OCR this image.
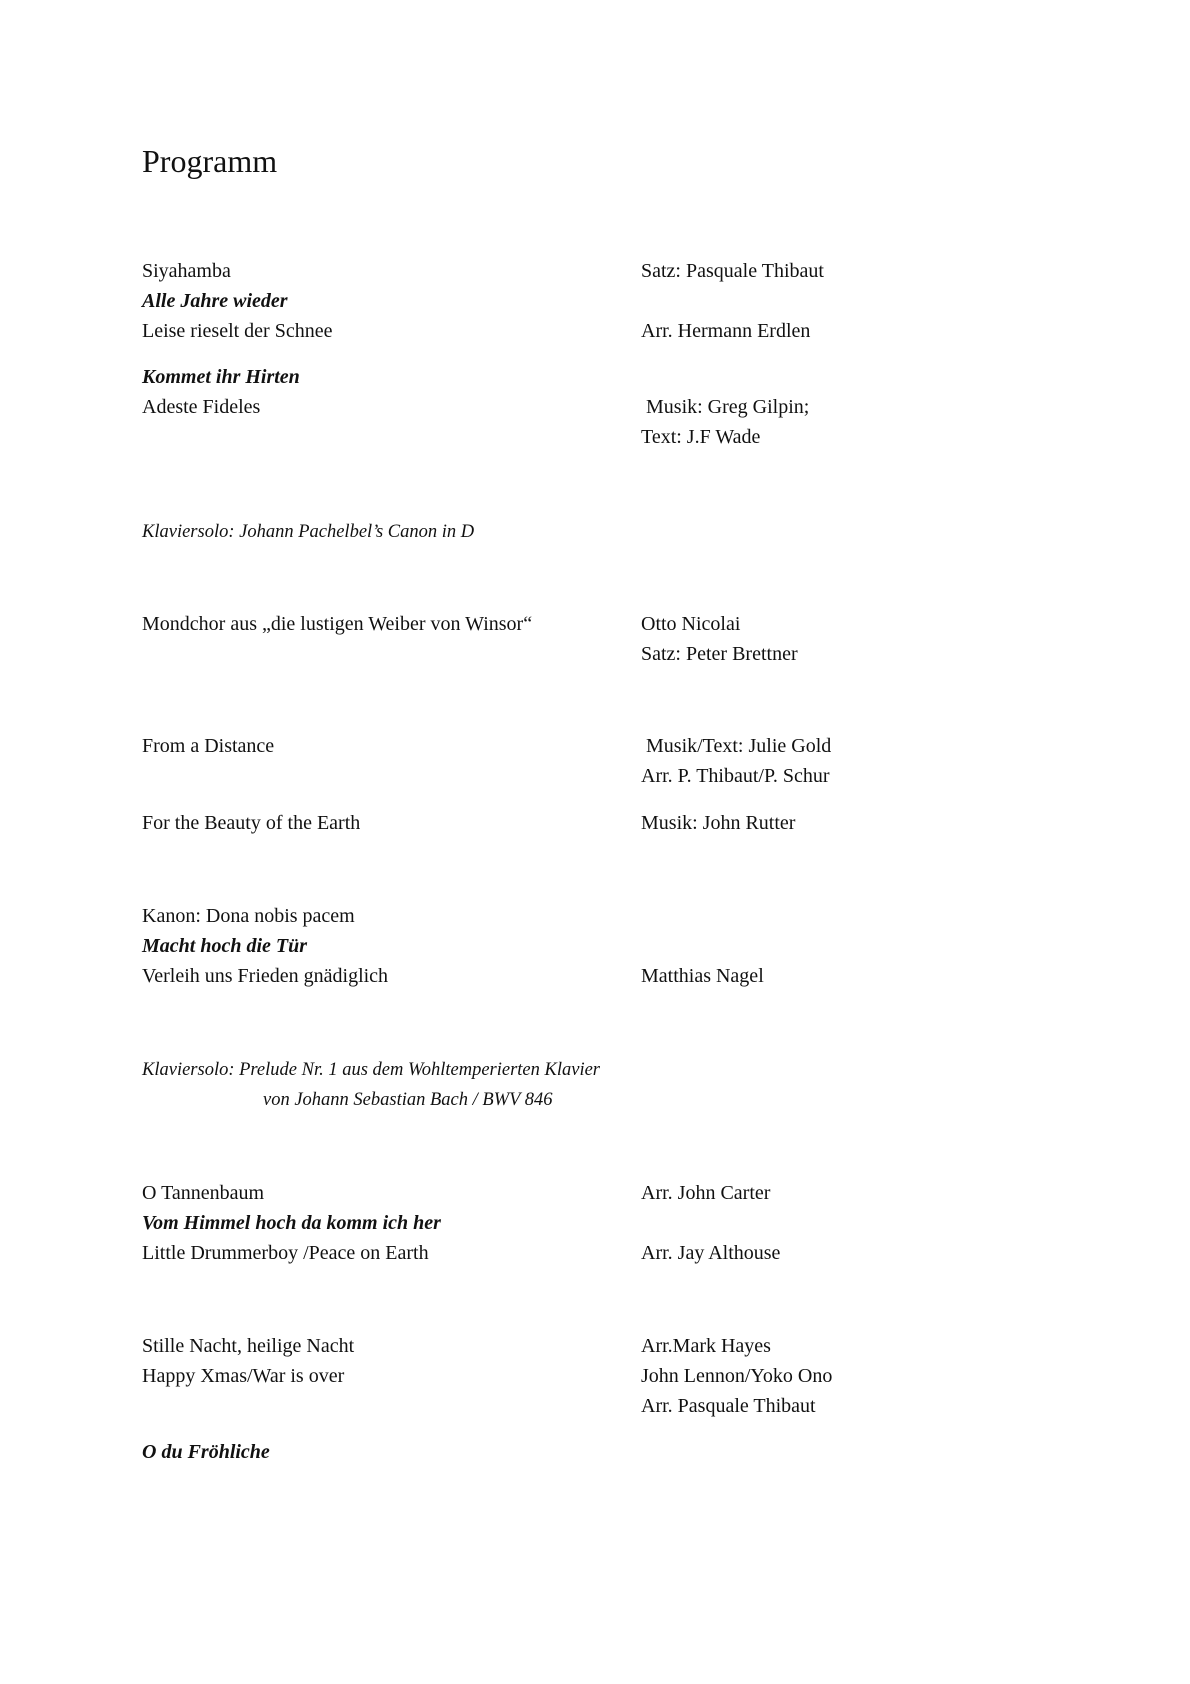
Programm
Siyahamba	Satz: Pasquale Thibaut
Alle Jahre wieder
Leise rieselt der Schnee	Arr. Hermann Erdlen
Kommet ihr Hirten
Adeste Fideles	Musik: Greg Gilpin;
Text: J.F Wade
Klaviersolo: Johann Pachelbel’s Canon in D
Mondchor aus „die lustigen Weiber von Winsor“	Otto Nicolai
Satz: Peter Brettner
From a Distance	Musik/Text: Julie Gold
Arr. P. Thibaut/P. Schur
For the Beauty of the Earth	Musik: John Rutter
Kanon: Dona nobis pacem
Macht hoch die Tür
Verleih uns Frieden gnädiglich	Matthias Nagel
Klaviersolo: Prelude Nr. 1 aus dem Wohltemperierten Klavier
von Johann Sebastian Bach / BWV 846
O Tannenbaum	Arr. John Carter
Vom Himmel hoch da komm ich her
Little Drummerboy /Peace on Earth	Arr. Jay Althouse
Stille Nacht, heilige Nacht	Arr.Mark Hayes
Happy Xmas/War is over	John Lennon/Yoko Ono
Arr. Pasquale Thibaut
O du Fröhliche
